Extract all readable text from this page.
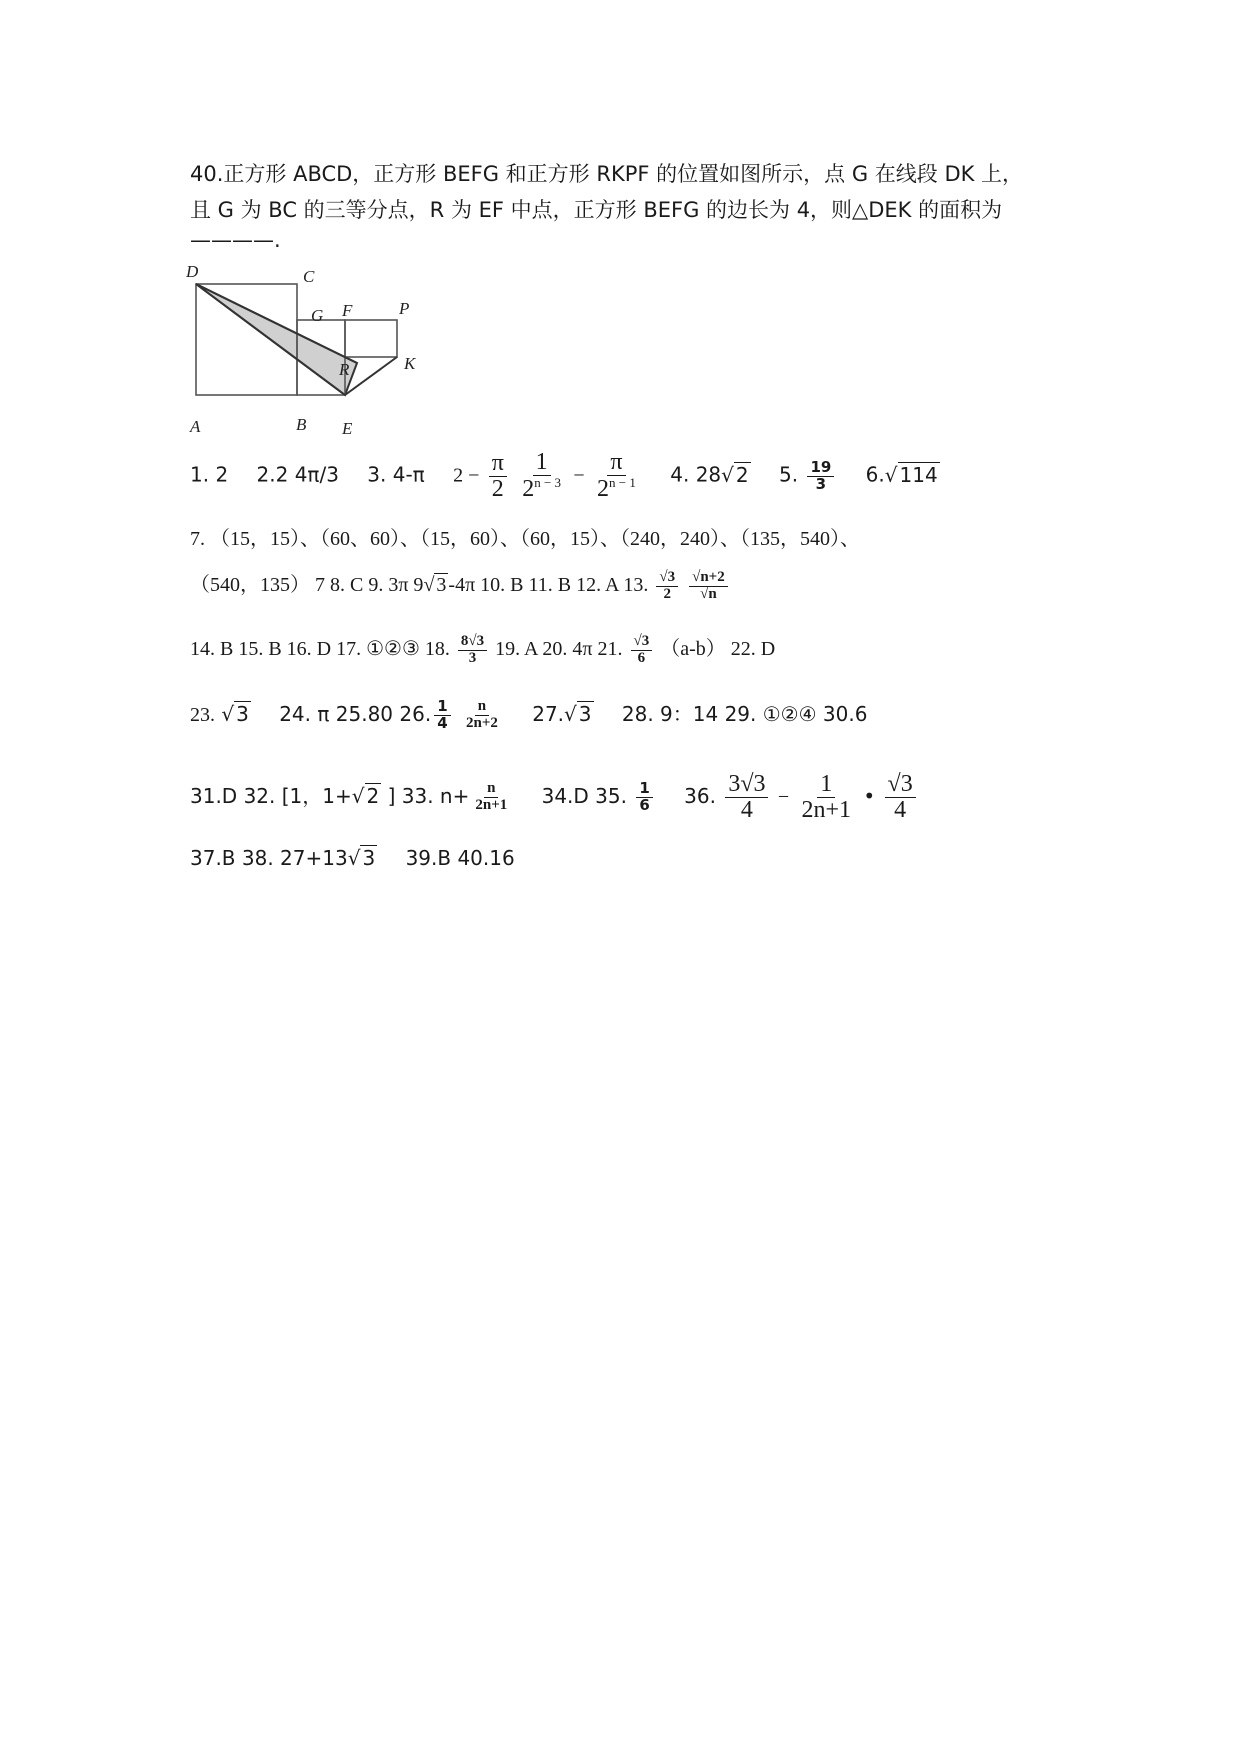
40.正方形 ABCD，正方形 BEFG 和正方形 RKPF 的位置如图所示，点 G 在线段 DK 上，
且 G 为 BC 的三等分点，R 为 EF 中点，正方形 BEFG 的边长为 4，则△DEK 的面积为
————.
D	C
G F	P
R	K
A	B E
1. 2 2.2 4π/3 3. 4-π $2 - \frac{\pi}{2}$
$\frac{1}{2^{n - 3}} - \frac{\pi}{2^{n - 1}} 4$. 28√ 2 5. $\frac{19}{3} 6.√$ 114
7. （15，15）、（60、60）、（15，60）、（60，15）、（240，240）、（135，540）、
（540，135） 7 8. C 9. 3π 9√ 3 -4π 10. B 11. B 12. A 13. $\frac{√3}{2}$
$\frac{√n+2}{√n}$
14. B 15. B 16. D 17. ①②③ 18. $\frac{8√3}{3} 19$. A 20. 4π 21. $\frac{√3}{6} (a-b)$ 22. D
23. √ 3 24. π 25.80 26. $\frac{1}{4}$
$\frac{n}{2n+2} 27.√$ 3 28. 9：14 29. ①②④ 30.6
31.D 32. [1，1+√ 2 ] 33. $n+ \frac{n}{2n+1} 34.D$ 35. $\frac{1}{6} 36$. $\frac{3√3}{4} - \frac{1}{2n+1}$ • $\frac{√3}{4}$
37.B 38. 27+13√ 3 39.B 40.16
